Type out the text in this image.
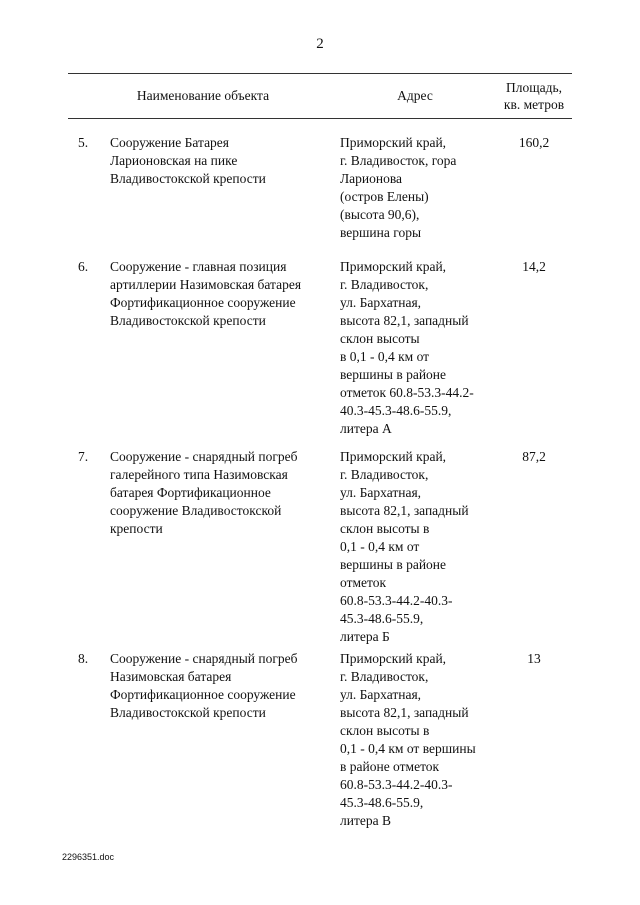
2
Наименование объекта	Адрес
Площадь,
кв. метров
5. Сооружение Батарея
Ларионовская на пике
Владивостокской крепости
Приморский край,
г. Владивосток, гора
Ларионова
(остров Елены)
(высота 90,6),
вершина горы
160,2
6. Сооружение - главная позиция
артиллерии Назимовская батарея
Фортификационное сооружение
Владивостокской крепости
Приморский край,
г. Владивосток,
ул. Бархатная,
высота 82,1, западный
склон высоты
в 0,1 - 0,4 км от
вершины в районе
отметок 60.8-53.3-44.2-
40.3-45.3-48.6-55.9,
литера А
14,2
7. Сооружение - снарядный погреб
галерейного типа Назимовская
батарея Фортификационное
сооружение Владивостокской
крепости
Приморский край,
г. Владивосток,
ул. Бархатная,
высота 82,1, западный
склон высоты в
0,1 - 0,4 км от
вершины в районе
отметок
60.8-53.3-44.2-40.3-
45.3-48.6-55.9,
литера Б
87,2
8. Сооружение - снарядный погреб
Назимовская батарея
Фортификационное сооружение
Владивостокской крепости
Приморский край,
г. Владивосток,
ул. Бархатная,
высота 82,1, западный
склон высоты в
0,1 - 0,4 км от вершины
в районе отметок
60.8-53.3-44.2-40.3-
45.3-48.6-55.9,
литера В
13
2296351.doc
